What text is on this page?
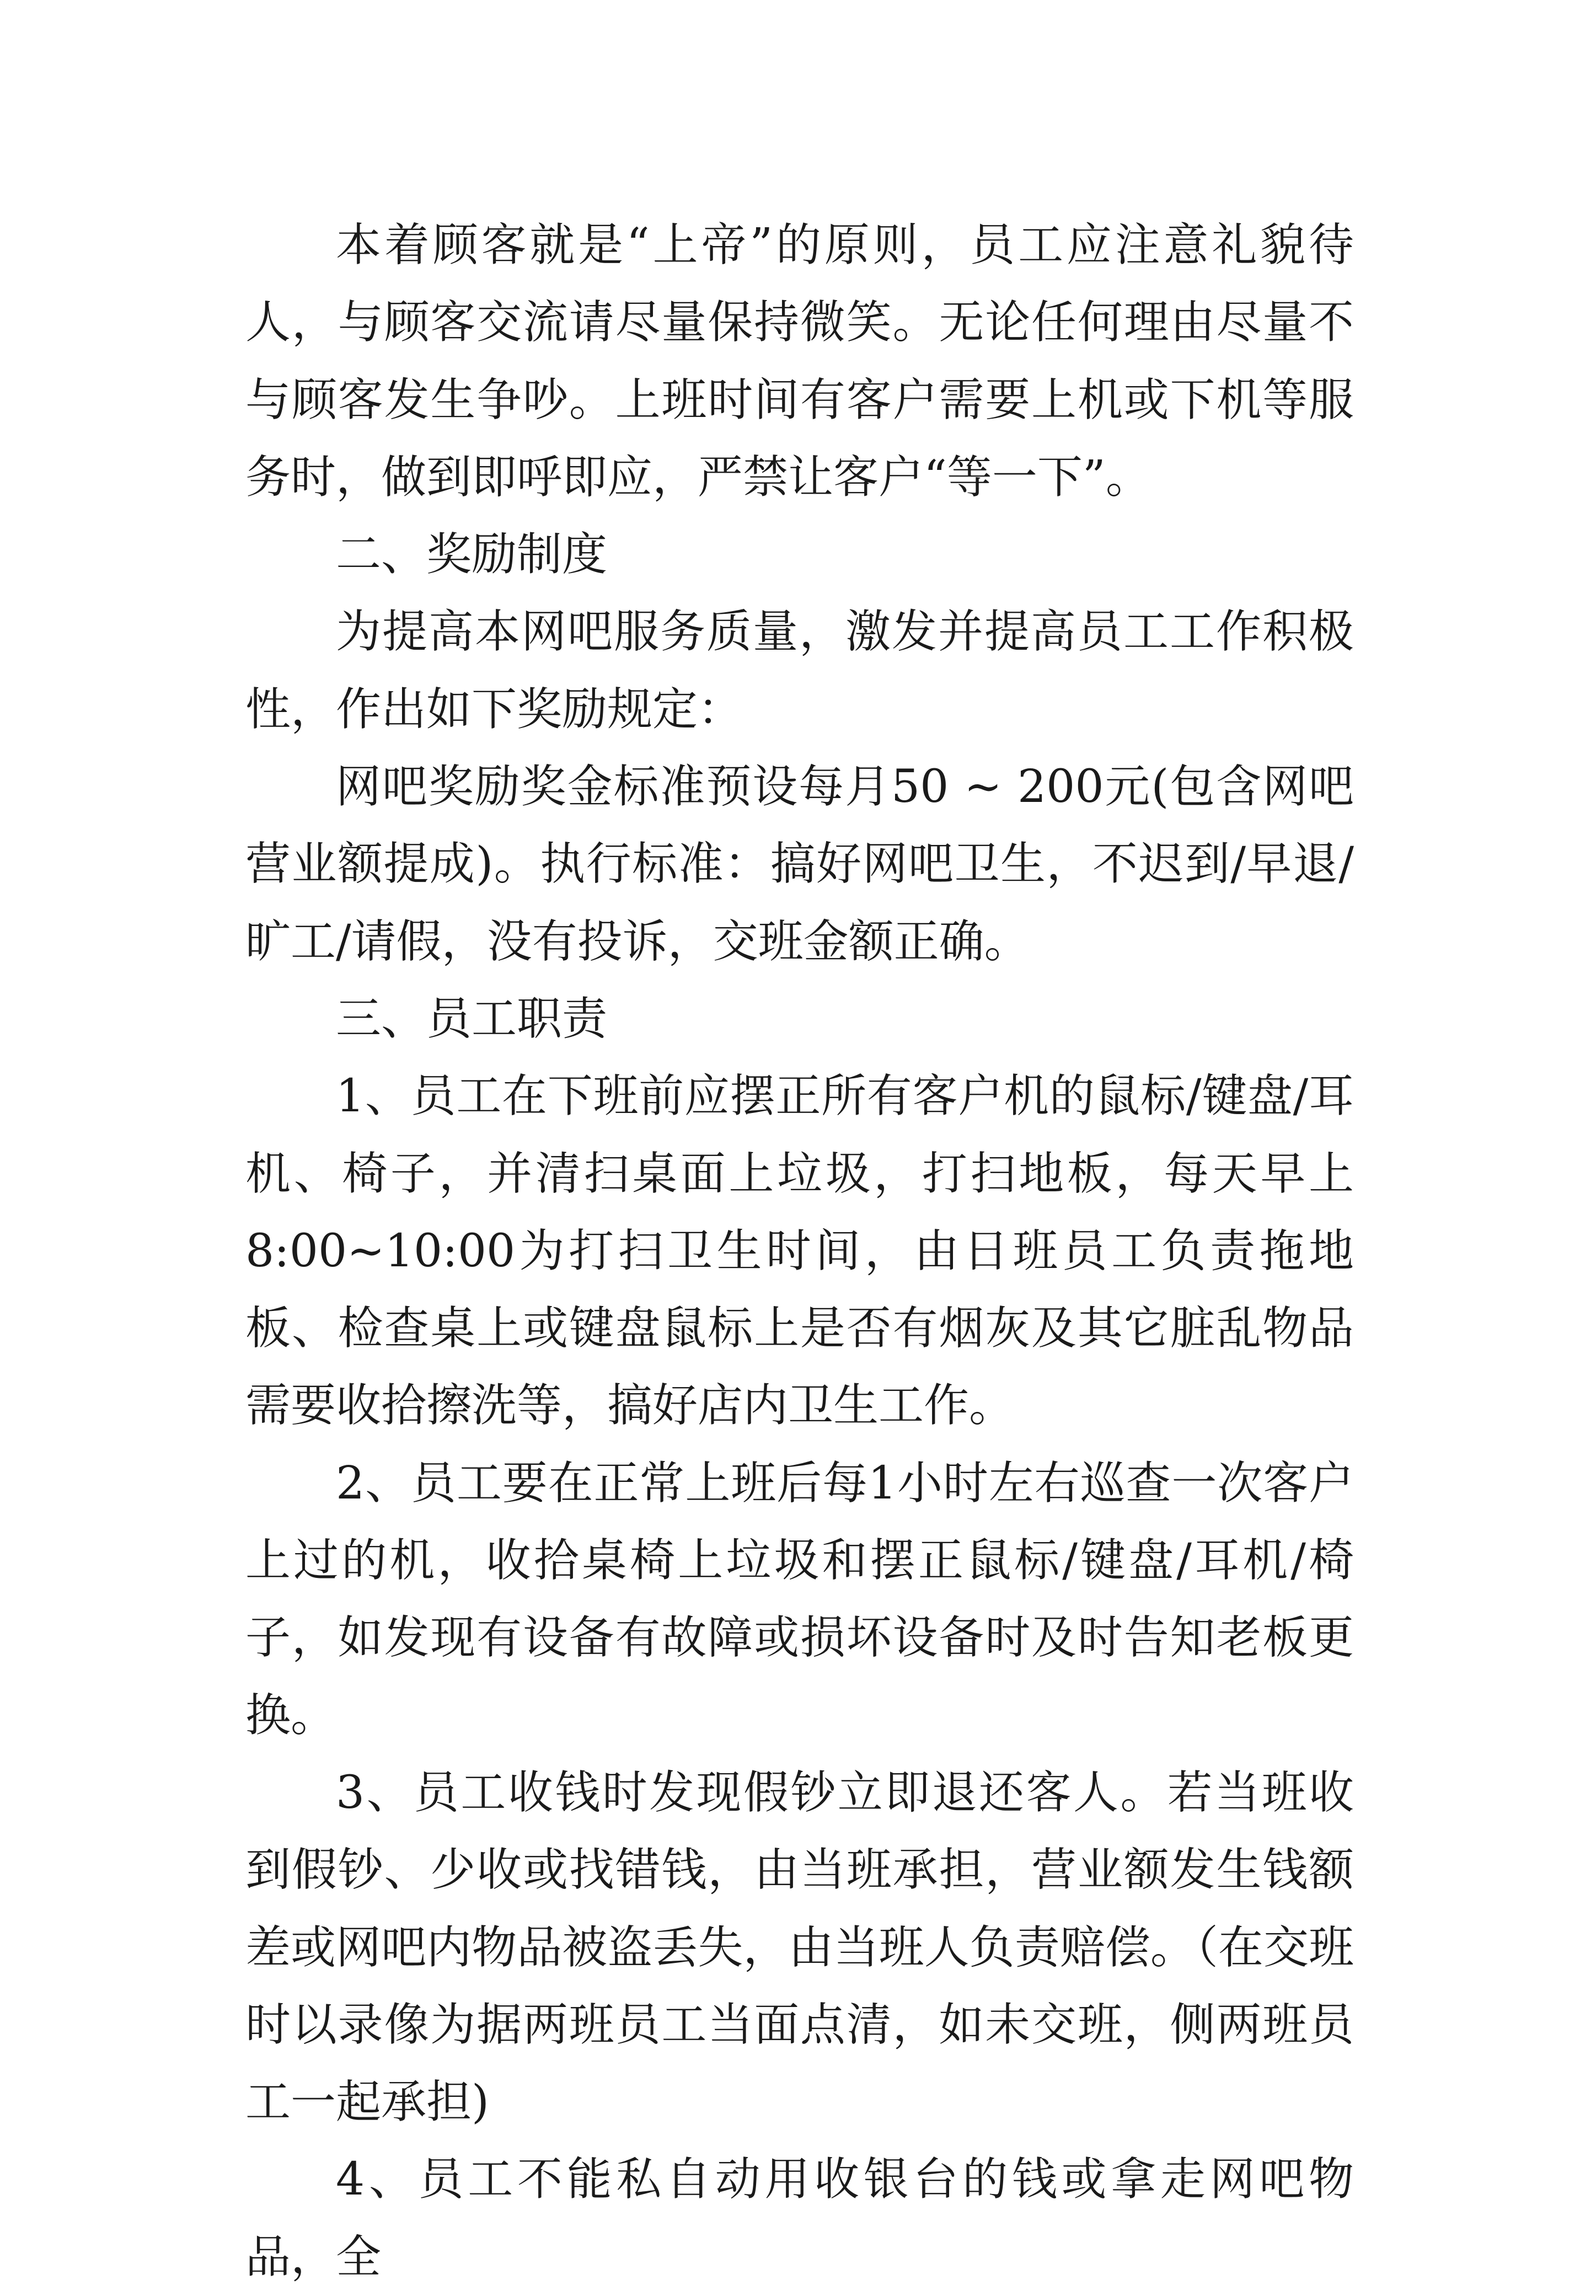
本着顾客就是“上帝”的原则，员工应注意礼貌待人，与顾客交流请尽量保持微笑。无论任何理由尽量不与顾客发生争吵。上班时间有客户需要上机或下机等服务时，做到即呼即应，严禁让客户“等一下”。

二、奖励制度

为提高本网吧服务质量，激发并提高员工工作积极性，作出如下奖励规定：

网吧奖励奖金标准预设每月50 ~ 200元(包含网吧营业额提成)。执行标准：搞好网吧卫生，不迟到/早退/旷工/请假，没有投诉，交班金额正确。

三、员工职责

1、员工在下班前应摆正所有客户机的鼠标/键盘/耳机、椅子，并清扫桌面上垃圾，打扫地板，每天早上8:00~10:00为打扫卫生时间，由日班员工负责拖地板、检查桌上或键盘鼠标上是否有烟灰及其它脏乱物品需要收拾擦洗等，搞好店内卫生工作。

2、员工要在正常上班后每1小时左右巡查一次客户上过的机，收拾桌椅上垃圾和摆正鼠标/键盘/耳机/椅子，如发现有设备有故障或损坏设备时及时告知老板更换。

3、员工收钱时发现假钞立即退还客人。若当班收到假钞、少收或找错钱，由当班承担，营业额发生钱额差或网吧内物品被盗丢失，由当班人负责赔偿。（在交班时以录像为据两班员工当面点清，如未交班，侧两班员工一起承担)

4、员工不能私自动用收银台的钱或拿走网吧物品，全
